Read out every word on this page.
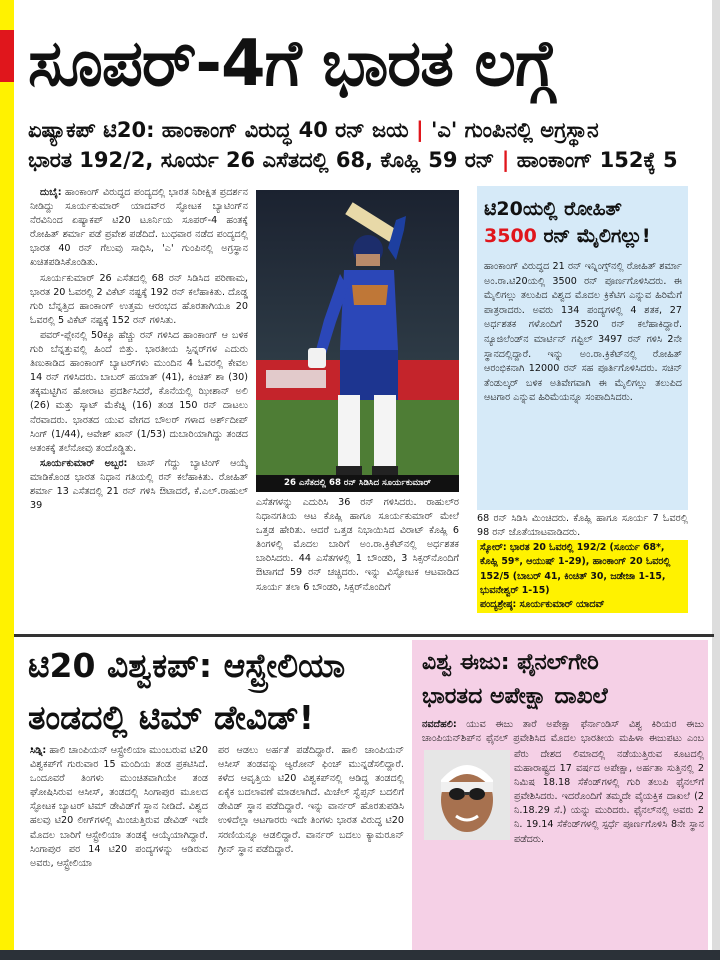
ಸೂಪರ್‌-4ಗೆ ಭಾರತ ಲಗ್ಗೆ
ಏಷ್ಯಾಕಪ್‌ ಟಿ20: ಹಾಂಕಾಂಗ್‌ ವಿರುದ್ಧ 40 ರನ್‌ ಜಯ | 'ಎ' ಗುಂಪಿನಲ್ಲಿ ಅಗ್ರಸ್ಥಾನ
ಭಾರತ 192/2, ಸೂರ್ಯ 26 ಎಸೆತದಲ್ಲಿ 68, ಕೊಹ್ಲಿ 59 ರನ್‌ | ಹಾಂಕಾಂಗ್‌ 152ಕ್ಕೆ 5

ದುಬೈ: ಹಾಂಕಾಂಗ್‌ ವಿರುದ್ಧದ ಪಂದ್ಯದಲ್ಲಿ ಭಾರತ ನಿರೀಕ್ಷಿತ ಪ್ರದರ್ಶನ ನೀಡಿದ್ದು ಸೂರ್ಯಕುಮಾರ್‌ ಯಾದವ್‌ರ ಸ್ಫೋಟಕ ಬ್ಯಾಟಿಂಗ್‌ನ ನೆರವಿನಿಂದ ಏಷ್ಯಾಕಪ್‌ ಟಿ20 ಟೂರ್ನಿಯ ಸೂಪರ್‌-4 ಹಂತಕ್ಕೆ ರೋಹಿತ್‌ ಶರ್ಮಾ ಪಡೆ ಪ್ರವೇಶ ಪಡೆದಿದೆ. ಬುಧವಾರ ನಡೆದ ಪಂದ್ಯದಲ್ಲಿ ಭಾರತ 40 ರನ್‌ ಗೆಲುವು ಸಾಧಿಸಿ, 'ಎ' ಗುಂಪಿನಲ್ಲಿ ಅಗ್ರಸ್ಥಾನ ಖಚಿತಪಡಿಸಿಕೊಂಡಿತು.

ಸೂರ್ಯಕುಮಾರ್‌ 26 ಎಸೆತದಲ್ಲಿ 68 ರನ್‌ ಸಿಡಿಸಿದ ಪರಿಣಾಮ, ಭಾರತ 20 ಓವರಲ್ಲಿ 2 ವಿಕೆಟ್‌ ನಷ್ಟಕ್ಕೆ 192 ರನ್‌ ಕಲೆಹಾಕಿತು. ದೊಡ್ಡ ಗುರಿ ಬೆನ್ನತ್ತಿದ ಹಾಂಕಾಂಗ್‌ ಉತ್ತಮ ಆರಂಭದ ಹೊರತಾಗಿಯೂ 20 ಓವರಲ್ಲಿ 5 ವಿಕೆಟ್‌ ನಷ್ಟಕ್ಕೆ 152 ರನ್‌ ಗಳಿಸಿತು.

ಪವರ್‌-ಪ್ಲೇನಲ್ಲಿ 50ಕ್ಕೂ ಹೆಚ್ಚು ರನ್‌ ಗಳಿಸಿದ ಹಾಂಕಾಂಗ್‌ ಆ ಬಳಿಕ ಗುರಿ ಬೆನ್ನತ್ತುವಲ್ಲಿ ಹಿಂದೆ ಬಿತ್ತು. ಭಾರತೀಯ ಸ್ಪಿನ್ನರ್‌ಗಳ ಎದುರು ತಿಣುಕಾಡಿದ ಹಾಂಕಾಂಗ್‌ ಬ್ಯಾಟರ್‌ಗಳು ಮುಂದಿನ 4 ಓವರಲ್ಲಿ ಕೇವಲ 14 ರನ್‌ ಗಳಿಸಿದರು. ಬಾಬರ್‌ ಹಯಾತ್‌ (41), ಕಿಂಚಿತ್‌ ಶಾ (30) ತಕ್ಕಮಟ್ಟಿಗಿನ ಹೋರಾಟ ಪ್ರದರ್ಶಿಸಿದರೆ, ಕೊನೆಯಲ್ಲಿ ಝೀಶಾನ್‌ ಅಲಿ (26) ಮತ್ತು ಸ್ಕಾಟ್‌ ಮೆಕೆಚ್ನಿ (16) ತಂಡ 150 ರನ್‌ ದಾಟಲು ನೆರವಾದರು. ಭಾರತದ ಯುವ ವೇಗದ ಬೌಲರ್‌ ಗಳಾದ ಅರ್ಶ್‌ದೀಪ್‌ ಸಿಂಗ್‌ (1/44), ಆವೇಶ್‌ ಖಾನ್‌ (1/53) ದುಬಾರಿಯಾಗಿದ್ದು ತಂಡದ ಆತಂಕಕ್ಕೆ ತಲೆನೋವು ತಂದೊಡ್ಡಿತು.

ಸೂರ್ಯಕುಮಾರ್‌ ಅಬ್ಬರ: ಟಾಸ್‌ ಗೆದ್ದು ಬ್ಯಾಟಿಂಗ್‌ ಆಯ್ಕೆ ಮಾಡಿಕೊಂಡ ಭಾರತ ನಿಧಾನ ಗತಿಯಲ್ಲಿ ರನ್‌ ಕಲೆಹಾಕಿತು. ರೋಹಿತ್‌ ಶರ್ಮಾ 13 ಎಸೆತದಲ್ಲಿ 21 ರನ್‌ ಗಳಿಸಿ ಔಟಾದರೆ, ಕೆ.ಎಲ್‌.ರಾಹುಲ್‌ 39

26 ಎಸೆತದಲ್ಲಿ 68 ರನ್‌ ಸಿಡಿಸಿದ ಸೂರ್ಯಕುಮಾರ್‌

ಎಸೆತಗಳನ್ನು ಎದುರಿಸಿ 36 ರನ್‌ ಗಳಿಸಿದರು. ರಾಹುಲ್‌ರ ನಿಧಾನಗತಿಯ ಆಟ ಕೊಹ್ಲಿ ಹಾಗೂ ಸೂರ್ಯಕುಮಾರ್‌ ಮೇಲೆ ಒತ್ತಡ ಹೇರಿತು. ಆದರೆ ಒತ್ತಡ ನಿಭಾಯಿಸಿದ ವಿರಾಟ್‌ ಕೊಹ್ಲಿ 6 ತಿಂಗಳಲ್ಲಿ ಮೊದಲ ಬಾರಿಗೆ ಅಂ.ರಾ.ಕ್ರಿಕೆಟ್‌ನಲ್ಲಿ ಅರ್ಧಶತಕ ಬಾರಿಸಿದರು. 44 ಎಸೆತಗಳಲ್ಲಿ 1 ಬೌಂಡರಿ, 3 ಸಿಕ್ಸರ್‌ನೊಂದಿಗೆ ಔಟಾಗದೆ 59 ರನ್‌ ಚಚ್ಚಿದರು. ಇನ್ನು ವಿಸ್ಫೋಟಕ ಆಟವಾಡಿದ ಸೂರ್ಯ ತಲಾ 6 ಬೌಂಡರಿ, ಸಿಕ್ಸರ್‌ನೊಂದಿಗೆ

ಟಿ20ಯಲ್ಲಿ ರೋಹಿತ್‌
3500 ರನ್‌ ಮೈಲಿಗಲ್ಲು!

ಹಾಂಕಾಂಗ್‌ ವಿರುದ್ಧದ 21 ರನ್‌ ಇನ್ನಿಂಗ್ಸ್‌ನಲ್ಲಿ ರೋಹಿತ್‌ ಶರ್ಮಾ ಅಂ.ರಾ.ಟಿ20ಯಲ್ಲಿ 3500 ರನ್‌ ಪೂರ್ಣಗೊಳಿಸಿದರು. ಈ ಮೈಲಿಗಲ್ಲು ತಲುಪಿದ ವಿಶ್ವದ ಮೊದಲ ಕ್ರಿಕೆಟಿಗ ಎನ್ನುವ ಹಿರಿಮೆಗೆ ಪಾತ್ರರಾದರು. ಅವರು 134 ಪಂದ್ಯಗಳಲ್ಲಿ 4 ಶತಕ, 27 ಅರ್ಧಶತಕ ಗಳೊಂದಿಗೆ 3520 ರನ್‌ ಕಲೆಹಾಕಿದ್ದಾರೆ. ನ್ಯೂಜಿಲೆಂಡ್‌ನ ಮಾರ್ಟಿನ್‌ ಗಪ್ಟಿಲ್‌ 3497 ರನ್‌ ಗಳಿಸಿ 2ನೇ ಸ್ಥಾನದಲ್ಲಿದ್ದಾರೆ. ಇನ್ನು ಅಂ.ರಾ.ಕ್ರಿಕೆಟ್‌ನಲ್ಲಿ ರೋಹಿತ್‌ ಆರಂಭಿಕನಾಗಿ 12000 ರನ್‌ ಸಹ ಪೂರ್ತಿಗೊಳಿಸಿದರು. ಸಚಿನ್‌ ತೆಂಡುಲ್ಕರ್‌ ಬಳಿಕ ಅತಿವೇಗವಾಗಿ ಈ ಮೈಲಿಗಲ್ಲು ತಲುಪಿದ ಆಟಗಾರ ಎನ್ನುವ ಹಿರಿಮೆಯನ್ನೂ ಸಂಪಾದಿಸಿದರು.

68 ರನ್‌ ಸಿಡಿಸಿ ಮಿಂಚಿದರು. ಕೊಹ್ಲಿ ಹಾಗೂ ಸೂರ್ಯ 7 ಓವರಲ್ಲಿ 98 ರನ್‌ ಜೊತೆಯಾಟವಾಡಿದರು.

ಸ್ಕೋರ್‌: ಭಾರತ 20 ಓವರಲ್ಲಿ 192/2 (ಸೂರ್ಯ 68*, ಕೊಹ್ಲಿ 59*, ಆಯುಷ್‌ 1-29), ಹಾಂಕಾಂಗ್‌ 20 ಓವರಲ್ಲಿ 152/5 (ಬಾಬರ್‌ 41, ಕಿಂಚಿತ್‌ 30, ಜಡೇಜಾ 1-15, ಭುವನೇಶ್ವರ್‌ 1-15)
ಪಂದ್ಯಶ್ರೇಷ್ಠ: ಸೂರ್ಯಕುಮಾರ್‌ ಯಾದವ್‌
ಟಿ20 ವಿಶ್ವಕಪ್‌: ಆಸ್ಟ್ರೇಲಿಯಾ
ತಂಡದಲ್ಲಿ ಟಿಮ್‌ ಡೇವಿಡ್‌!

ಸಿಡ್ನಿ: ಹಾಲಿ ಚಾಂಪಿಯನ್‌ ಆಸ್ಟ್ರೇಲಿಯಾ ಮುಂಬರುವ ಟಿ20 ವಿಶ್ವಕಪ್‌ಗೆ ಗುರುವಾರ 15 ಮಂದಿಯ ತಂಡ ಪ್ರಕಟಿಸಿದೆ. ಒಂದೂವರೆ ತಿಂಗಳು ಮುಂಚಿತವಾಗಿಯೇ ತಂಡ ಘೋಷಿಸಿರುವ ಆಸೀಸ್‌, ತಂಡದಲ್ಲಿ ಸಿಂಗಾಪುರ ಮೂಲದ ಸ್ಫೋಟಕ ಬ್ಯಾಟರ್‌ ಟಿಮ್‌ ಡೇವಿಡ್‌ಗೆ ಸ್ಥಾನ ನೀಡಿದೆ. ವಿಶ್ವದ ಹಲವು ಟಿ20 ಲೀಗ್‌ಗಳಲ್ಲಿ ಮಿಂಚುತ್ತಿರುವ ಡೇವಿಡ್‌ ಇದೇ ಮೊದಲ ಬಾರಿಗೆ ಆಸ್ಟ್ರೇಲಿಯಾ ತಂಡಕ್ಕೆ ಆಯ್ಕೆಯಾಗಿದ್ದಾರೆ. ಸಿಂಗಾಪುರ ಪರ 14 ಟಿ20 ಪಂದ್ಯಗಳನ್ನು ಆಡಿರುವ ಅವರು, ಆಸ್ಟ್ರೇಲಿಯಾ

ಪರ ಆಡಲು ಅರ್ಹತೆ ಪಡೆದಿದ್ದಾರೆ. ಹಾಲಿ ಚಾಂಪಿಯನ್‌ ಆಸೀಸ್‌ ತಂಡವನ್ನು ಆ್ಯರೋನ್‌ ಫಿಂಚ್‌ ಮುನ್ನಡೆಸಲಿದ್ದಾರೆ. ಕಳೆದ ಆವೃತ್ತಿಯ ಟಿ20 ವಿಶ್ವಕಪ್‌ನಲ್ಲಿ ಆಡಿದ್ದ ತಂಡದಲ್ಲಿ ಏಕೈಕ ಬದಲಾವಣೆ ಮಾಡಲಾಗಿದೆ. ಮಿಚೆಲ್‌ ಸ್ವೆಪ್ಸನ್‌ ಬದಲಿಗೆ ಡೇವಿಡ್‌ ಸ್ಥಾನ ಪಡೆದಿದ್ದಾರೆ. ಇನ್ನು ವಾರ್ನರ್‌ ಹೊರತುಪಡಿಸಿ ಉಳಿದೆಲ್ಲಾ ಆಟಗಾರರು ಇದೇ ತಿಂಗಳು ಭಾರತ ವಿರುದ್ಧ ಟಿ20 ಸರಣಿಯನ್ನೂ ಆಡಲಿದ್ದಾರೆ. ವಾರ್ನರ್‌ ಬದಲು ಕ್ಯಾಮರೂನ್‌ ಗ್ರೀನ್‌ ಸ್ಥಾನ ಪಡೆದಿದ್ದಾರೆ.

ವಿಶ್ವ ಈಜು: ಫೈನಲ್‌ಗೇರಿ
ಭಾರತದ ಅಪೇಕ್ಷಾ ದಾಖಲೆ

ನವದೆಹಲಿ: ಯುವ ಈಜು ತಾರೆ ಅಪೇಕ್ಷಾ ಫೆರ್ನಾಂಡಿಸ್‌ ವಿಶ್ವ ಕಿರಿಯರ ಈಜು ಚಾಂಪಿಯನ್‌ಶಿಪ್‌ನ ಫೈನಲ್‌ ಪ್ರವೇಶಿಸಿದ ಮೊದಲ ಭಾರತೀಯ ಮಹಿಳಾ ಈಜುಪಟು ಎಂಬ

ಪೆರು ದೇಶದ ಲಿಮಾದಲ್ಲಿ ನಡೆಯುತ್ತಿರುವ ಕೂಟದಲ್ಲಿ ಮಹಾರಾಷ್ಟ್ರದ 17 ವರ್ಷದ ಅಪೇಕ್ಷಾ, ಅರ್ಹತಾ ಸುತ್ತಿನಲ್ಲಿ 2 ನಿಮಿಷ 18.18 ಸೆಕೆಂಡ್‌ಗಳಲ್ಲಿ ಗುರಿ ತಲುಪಿ ಫೈನಲ್‌ಗೆ ಪ್ರವೇಶಿಸಿದರು. ಇದರೊಂದಿಗೆ ತಮ್ಮದೇ ವೈಯಕ್ತಿಕ ದಾಖಲೆ (2 ನಿ.18.29 ಸೆ.) ಯನ್ನು ಮುರಿದರು. ಫೈನಲ್‌ನಲ್ಲಿ ಅವರು 2 ನಿ. 19.14 ಸೆಕೆಂಡ್‌ಗಳಲ್ಲಿ ಸ್ಪರ್ಧೆ ಪೂರ್ಣಗೊಳಿಸಿ 8ನೇ ಸ್ಥಾನ ಪಡೆದರು.
